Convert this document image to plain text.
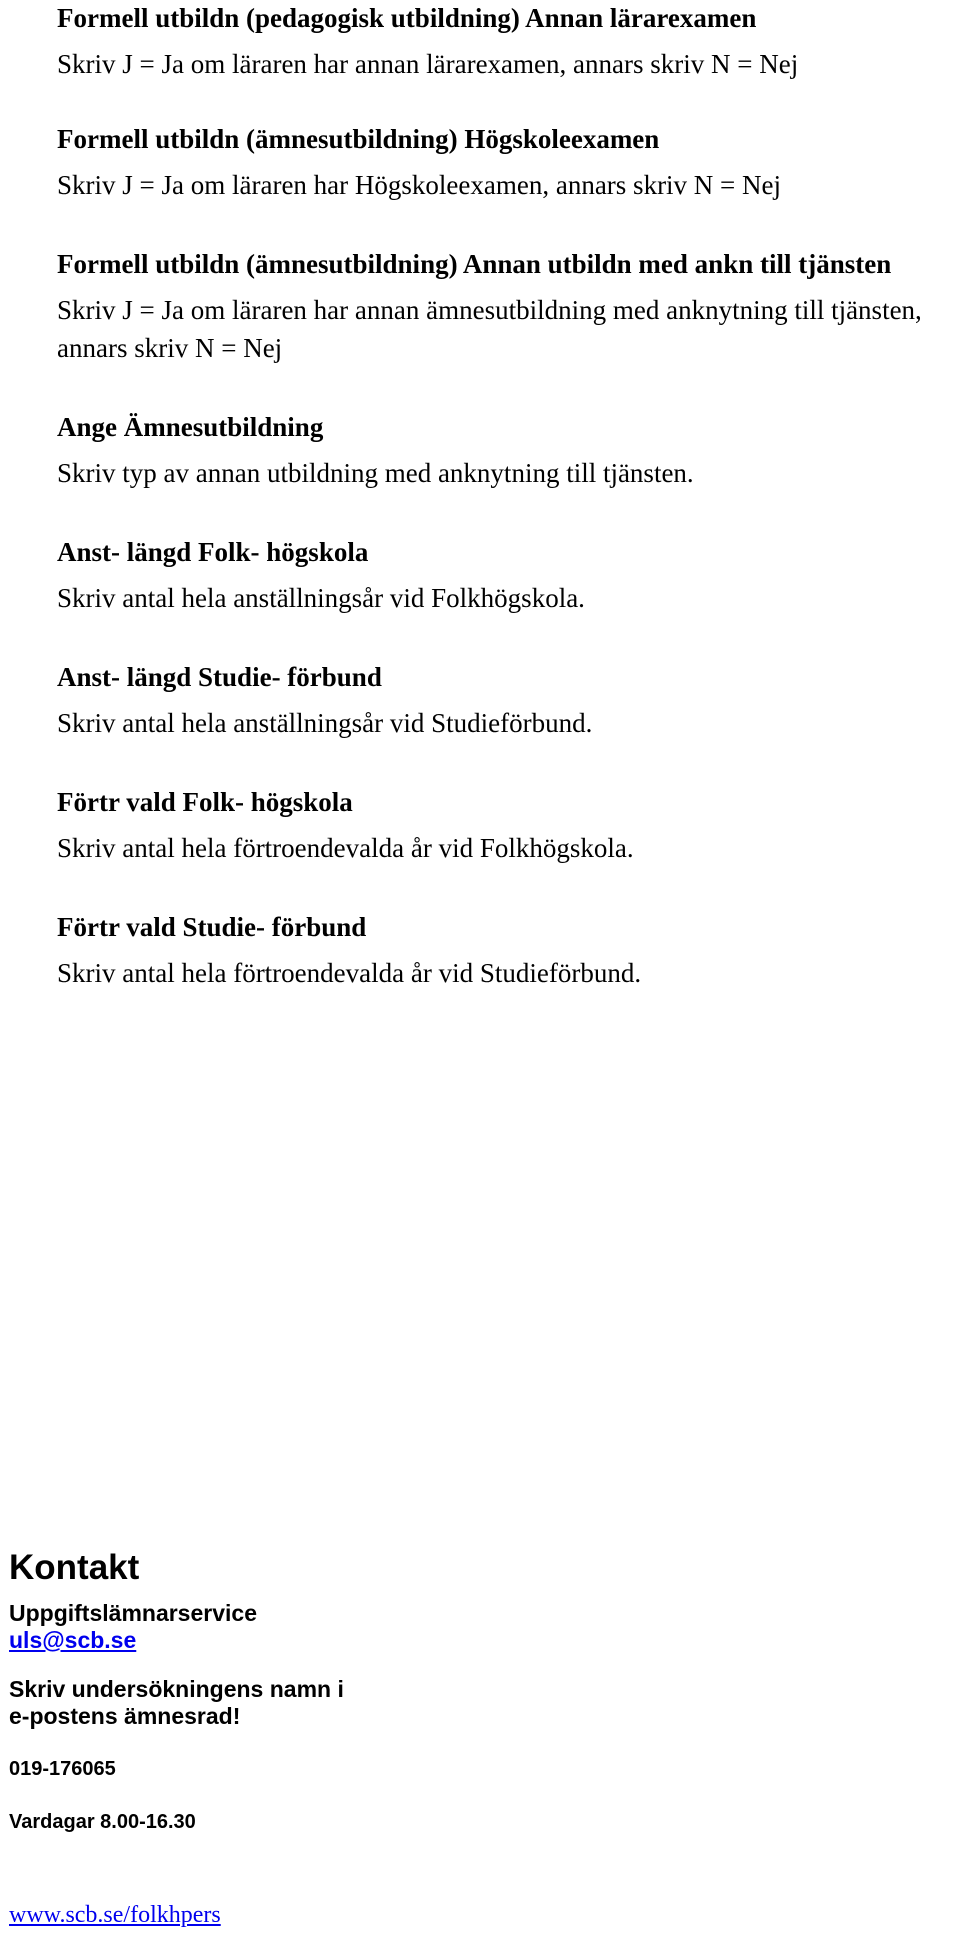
Formell utbildn (pedagogisk utbildning) Annan lärarexamen

Skriv J = Ja om läraren har annan lärarexamen, annars skriv N = Nej

Formell utbildn (ämnesutbildning) Högskoleexamen

Skriv J = Ja om läraren har Högskoleexamen, annars skriv N = Nej

Formell utbildn (ämnesutbildning) Annan utbildn med ankn till tjänsten

Skriv J = Ja om läraren har annan ämnesutbildning med anknytning till tjänsten, annars skriv N = Nej

Ange Ämnesutbildning

Skriv typ av annan utbildning med anknytning till tjänsten.

Anst- längd Folk- högskola

Skriv antal hela anställningsår vid Folkhögskola.

Anst- längd Studie- förbund

Skriv antal hela anställningsår vid Studieförbund.

Förtr vald Folk- högskola

Skriv antal hela förtroendevalda år vid Folkhögskola.

Förtr vald Studie- förbund

Skriv antal hela förtroendevalda år vid Studieförbund.

Kontakt

Uppgiftslämnarservice

uls@scb.se

Skriv undersökningens namn i
e-postens ämnesrad!

019-176065

Vardagar 8.00-16.30

www.scb.se/folkhpers
